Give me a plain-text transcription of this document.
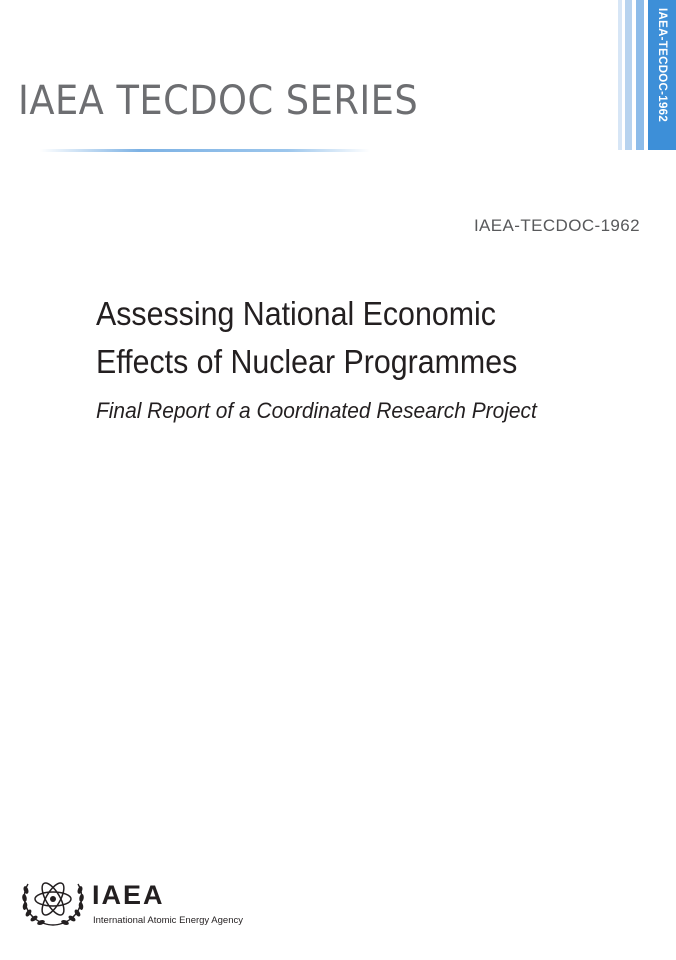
IAEA TECDOC SERIES	IAEA-TECDOC-1962
IAEA-TECDOC-1962
Assessing National Economic
Effects of Nuclear Programmes
Final Report of a Coordinated Research Project
IAEA
International Atomic Energy Agency
